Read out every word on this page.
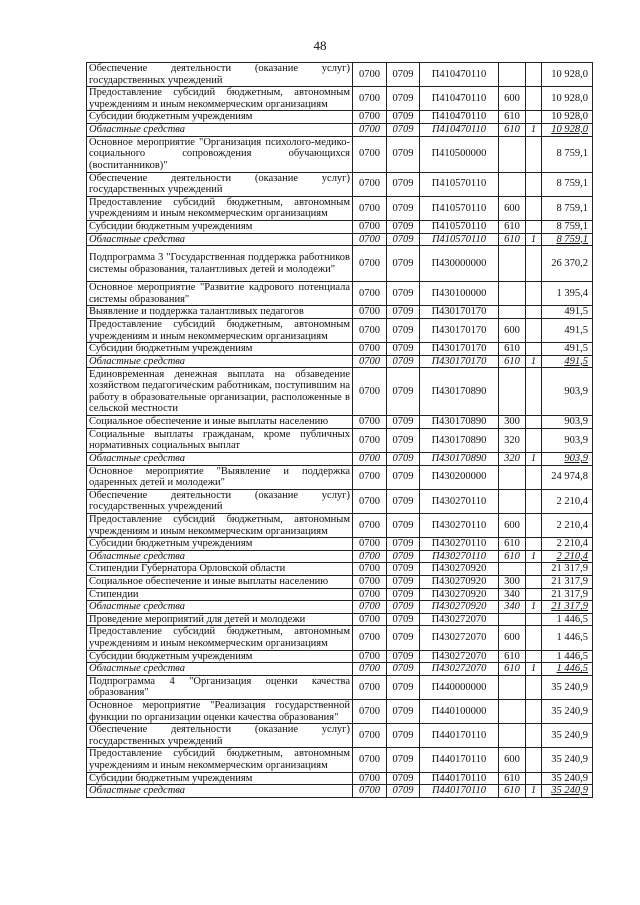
48
Обеспечение деятельности (оказание услуг) государственных учреждений	0700	0709	П410470110			10 928,0
Предоставление субсидий бюджетным, автономным учреждениям и иным некоммерческим организациям	0700	0709	П410470110	600		10 928,0
Субсидии бюджетным учреждениям	0700	0709	П410470110	610		10 928,0
Областные средства	0700	0709	П410470110	610	1	10 928,0
Основное мероприятие "Организация психолого-медико-социального сопровождения обучающихся (воспитанников)"	0700	0709	П410500000			8 759,1
Обеспечение деятельности (оказание услуг) государственных учреждений	0700	0709	П410570110			8 759,1
Предоставление субсидий бюджетным, автономным учреждениям и иным некоммерческим организациям	0700	0709	П410570110	600		8 759,1
Субсидии бюджетным учреждениям	0700	0709	П410570110	610		8 759,1
Областные средства	0700	0709	П410570110	610	1	8 759,1
Подпрограмма 3 "Государственная поддержка работников системы образования, талантливых детей и молодежи"	0700	0709	П430000000			26 370,2
Основное мероприятие "Развитие кадрового потенциала системы образования"	0700	0709	П430100000			1 395,4
Выявление и поддержка талантливых педагогов	0700	0709	П430170170			491,5
Предоставление субсидий бюджетным, автономным учреждениям и иным некоммерческим организациям	0700	0709	П430170170	600		491,5
Субсидии бюджетным учреждениям	0700	0709	П430170170	610		491,5
Областные средства	0700	0709	П430170170	610	1	491,5
Единовременная денежная выплата на обзаведение хозяйством педагогическим работникам, поступившим на работу в образовательные организации, расположенные в сельской местности	0700	0709	П430170890			903,9
Социальное обеспечение и иные выплаты населению	0700	0709	П430170890	300		903,9
Социальные выплаты гражданам, кроме публичных нормативных социальных выплат	0700	0709	П430170890	320		903,9
Областные средства	0700	0709	П430170890	320	1	903,9
Основное мероприятие "Выявление и поддержка одаренных детей и молодежи"	0700	0709	П430200000			24 974,8
Обеспечение деятельности (оказание услуг) государственных учреждений	0700	0709	П430270110			2 210,4
Предоставление субсидий бюджетным, автономным учреждениям и иным некоммерческим организациям	0700	0709	П430270110	600		2 210,4
Субсидии бюджетным учреждениям	0700	0709	П430270110	610		2 210,4
Областные средства	0700	0709	П430270110	610	1	2 210,4
Стипендии Губернатора Орловской области	0700	0709	П430270920			21 317,9
Социальное обеспечение и иные выплаты населению	0700	0709	П430270920	300		21 317,9
Стипендии	0700	0709	П430270920	340		21 317,9
Областные средства	0700	0709	П430270920	340	1	21 317,9
Проведение мероприятий для детей и молодежи	0700	0709	П430272070			1 446,5
Предоставление субсидий бюджетным, автономным учреждениям и иным некоммерческим организациям	0700	0709	П430272070	600		1 446,5
Субсидии бюджетным учреждениям	0700	0709	П430272070	610		1 446,5
Областные средства	0700	0709	П430272070	610	1	1 446,5
Подпрограмма 4 "Организация оценки качества образования"	0700	0709	П440000000			35 240,9
Основное мероприятие "Реализация государственной функции по организации оценки качества образования"	0700	0709	П440100000			35 240,9
Обеспечение деятельности (оказание услуг) государственных учреждений	0700	0709	П440170110			35 240,9
Предоставление субсидий бюджетным, автономным учреждениям и иным некоммерческим организациям	0700	0709	П440170110	600		35 240,9
Субсидии бюджетным учреждениям	0700	0709	П440170110	610		35 240,9
Областные средства	0700	0709	П440170110	610	1	35 240,9
